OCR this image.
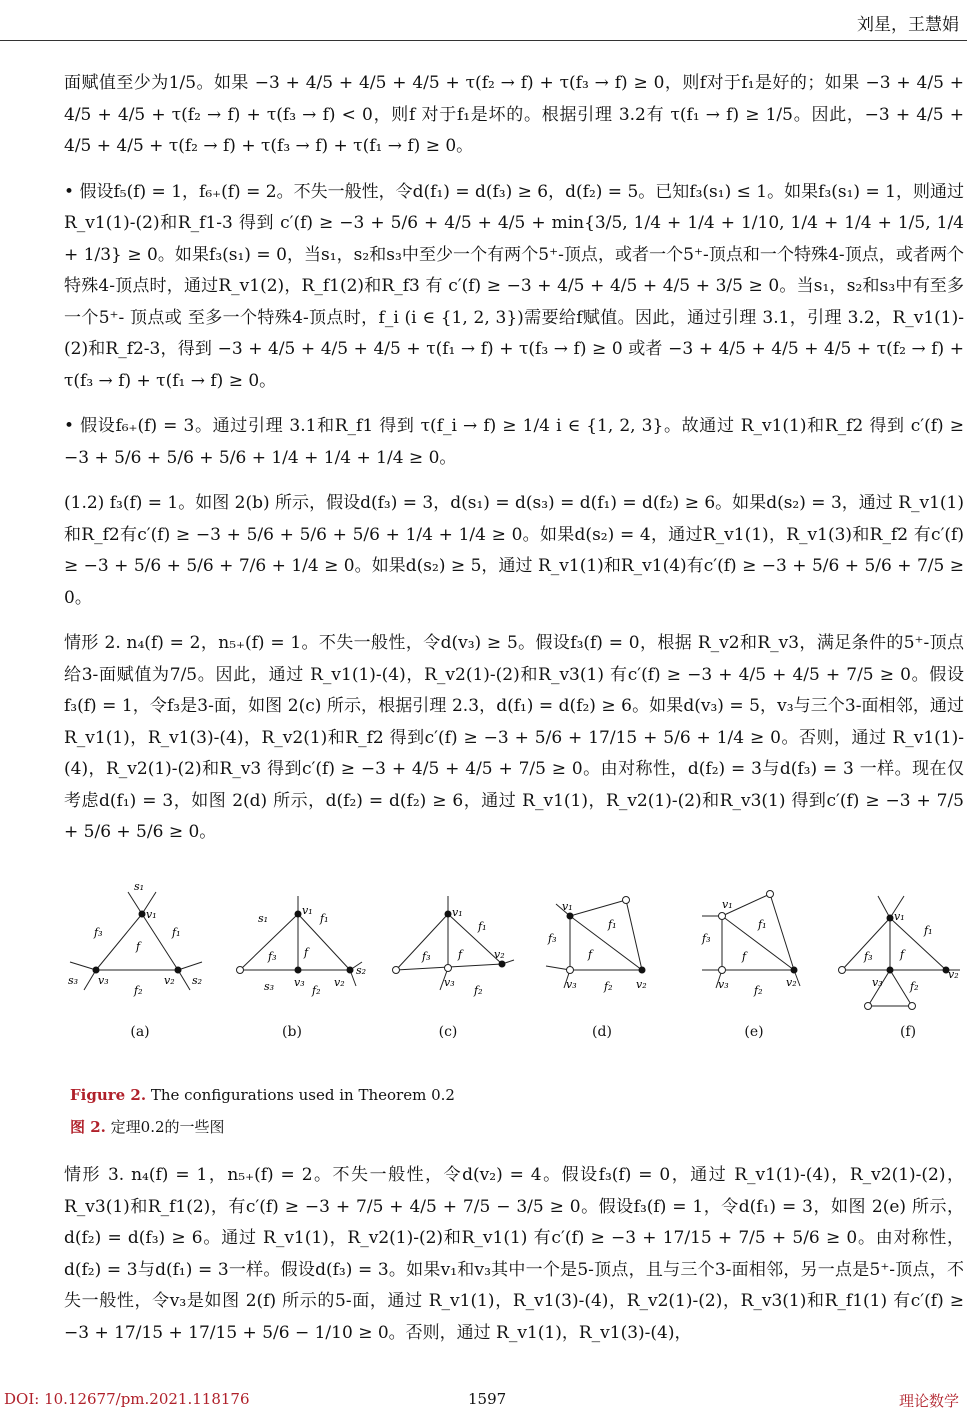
刘星，王慧娟

面赋值至少为1/5。如果 −3 + 4/5 + 4/5 + 4/5 + τ(f₂ → f) + τ(f₃ → f) ≥ 0，则f对于f₁是好的；如果 −3 + 4/5 + 4/5 + 4/5 + τ(f₂ → f) + τ(f₃ → f) < 0，则f 对于f₁是坏的。根据引理 3.2有 τ(f₁ → f) ≥ 1/5。因此，−3 + 4/5 + 4/5 + 4/5 + τ(f₂ → f) + τ(f₃ → f) + τ(f₁ → f) ≥ 0。

• 假设f₅(f) = 1，f₆₊(f) = 2。不失一般性，令d(f₁) = d(f₃) ≥ 6，d(f₂) = 5。已知f₃(s₁) ≤ 1。如果f₃(s₁) = 1，则通过 R_v1(1)-(2)和R_f1-3 得到 c′(f) ≥ −3 + 5/6 + 4/5 + 4/5 + min{3/5, 1/4 + 1/4 + 1/10, 1/4 + 1/4 + 1/5, 1/4 + 1/3} ≥ 0。如果f₃(s₁) = 0，当s₁，s₂和s₃中至少一个有两个5⁺-顶点，或者一个5⁺-顶点和一个特殊4-顶点，或者两个特殊4-顶点时，通过R_v1(2)，R_f1(2)和R_f3 有 c′(f) ≥ −3 + 4/5 + 4/5 + 4/5 + 3/5 ≥ 0。当s₁，s₂和s₃中有至多一个5⁺- 顶点或 至多一个特殊4-顶点时，f_i (i ∈ {1, 2, 3})需要给f赋值。因此，通过引理 3.1，引理 3.2，R_v1(1)-(2)和R_f2-3，得到 −3 + 4/5 + 4/5 + 4/5 + τ(f₁ → f) + τ(f₃ → f) ≥ 0 或者 −3 + 4/5 + 4/5 + 4/5 + τ(f₂ → f) + τ(f₃ → f) + τ(f₁ → f) ≥ 0。

• 假设f₆₊(f) = 3。通过引理 3.1和R_f1 得到 τ(f_i → f) ≥ 1/4 i ∈ {1, 2, 3}。故通过 R_v1(1)和R_f2 得到 c′(f) ≥ −3 + 5/6 + 5/6 + 5/6 + 1/4 + 1/4 + 1/4 ≥ 0。

(1.2) f₃(f) = 1。如图 2(b) 所示，假设d(f₃) = 3，d(s₁) = d(s₃) = d(f₁) = d(f₂) ≥ 6。如果d(s₂) = 3，通过 R_v1(1)和R_f2有c′(f) ≥ −3 + 5/6 + 5/6 + 5/6 + 1/4 + 1/4 ≥ 0。如果d(s₂) = 4，通过R_v1(1)，R_v1(3)和R_f2 有c′(f) ≥ −3 + 5/6 + 5/6 + 7/6 + 1/4 ≥ 0。如果d(s₂) ≥ 5，通过 R_v1(1)和R_v1(4)有c′(f) ≥ −3 + 5/6 + 5/6 + 7/5 ≥ 0。

情形 2. n₄(f) = 2，n₅₊(f) = 1。不失一般性，令d(v₃) ≥ 5。假设f₃(f) = 0，根据 R_v2和R_v3，满足条件的5⁺-顶点给3-面赋值为7/5。因此，通过 R_v1(1)-(4)，R_v2(1)-(2)和R_v3(1) 有c′(f) ≥ −3 + 4/5 + 4/5 + 7/5 ≥ 0。假设f₃(f) = 1，令f₃是3-面，如图 2(c) 所示，根据引理 2.3，d(f₁) = d(f₂) ≥ 6。如果d(v₃) = 5，v₃与三个3-面相邻，通过 R_v1(1)，R_v1(3)-(4)，R_v2(1)和R_f2 得到c′(f) ≥ −3 + 5/6 + 17/15 + 5/6 + 1/4 ≥ 0。否则，通过 R_v1(1)-(4)，R_v2(1)-(2)和R_v3 得到c′(f) ≥ −3 + 4/5 + 4/5 + 7/5 ≥ 0。由对称性，d(f₂) = 3与d(f₃) = 3 一样。现在仅考虑d(f₁) = 3，如图 2(d) 所示，d(f₂) = d(f₂) ≥ 6，通过 R_v1(1)，R_v2(1)-(2)和R_v3(1) 得到c′(f) ≥ −3 + 7/5 + 5/6 + 5/6 ≥ 0。

s₁
v₁
f₃	f₁
f
s₃ v₃
f₂
v₂ s₂
(a)
s₁
v₁
f₁
f₃	f
s₃ v₃
f₂
v₂
s₂
(b)
v₁
f₁
f₃	f
v₃
f₂
v₂
(c)
v₁
f₁
f₃
f
v₃ f₂ v₂
(d)
v₁
f₁
f₃
f
v₃ f₂
v₂
(e)
v₁
f₁
f₃	f
v₃ f₂
v₂
(f)
Figure 2. The configurations used in Theorem 0.2
图 2. 定理0.2的一些图

情形 3. n₄(f) = 1，n₅₊(f) = 2。不失一般性，令d(v₂) = 4。假设f₃(f) = 0，通过 R_v1(1)-(4)，R_v2(1)-(2)，R_v3(1)和R_f1(2)，有c′(f) ≥ −3 + 7/5 + 4/5 + 7/5 − 3/5 ≥ 0。假设f₃(f) = 1，令d(f₁) = 3，如图 2(e) 所示，d(f₂) = d(f₃) ≥ 6。通过 R_v1(1)，R_v2(1)-(2)和R_v1(1) 有c′(f) ≥ −3 + 17/15 + 7/5 + 5/6 ≥ 0。由对称性，d(f₂) = 3与d(f₁) = 3一样。假设d(f₃) = 3。如果v₁和v₃其中一个是5-顶点，且与三个3-面相邻，另一点是5⁺-顶点，不失一般性，令v₃是如图 2(f) 所示的5-面，通过 R_v1(1)，R_v1(3)-(4)，R_v2(1)-(2)，R_v3(1)和R_f1(1) 有c′(f) ≥ −3 + 17/15 + 17/15 + 5/6 − 1/10 ≥ 0。否则，通过 R_v1(1)，R_v1(3)-(4)，

DOI: 10.12677/pm.2021.118176	1597	理论数学
